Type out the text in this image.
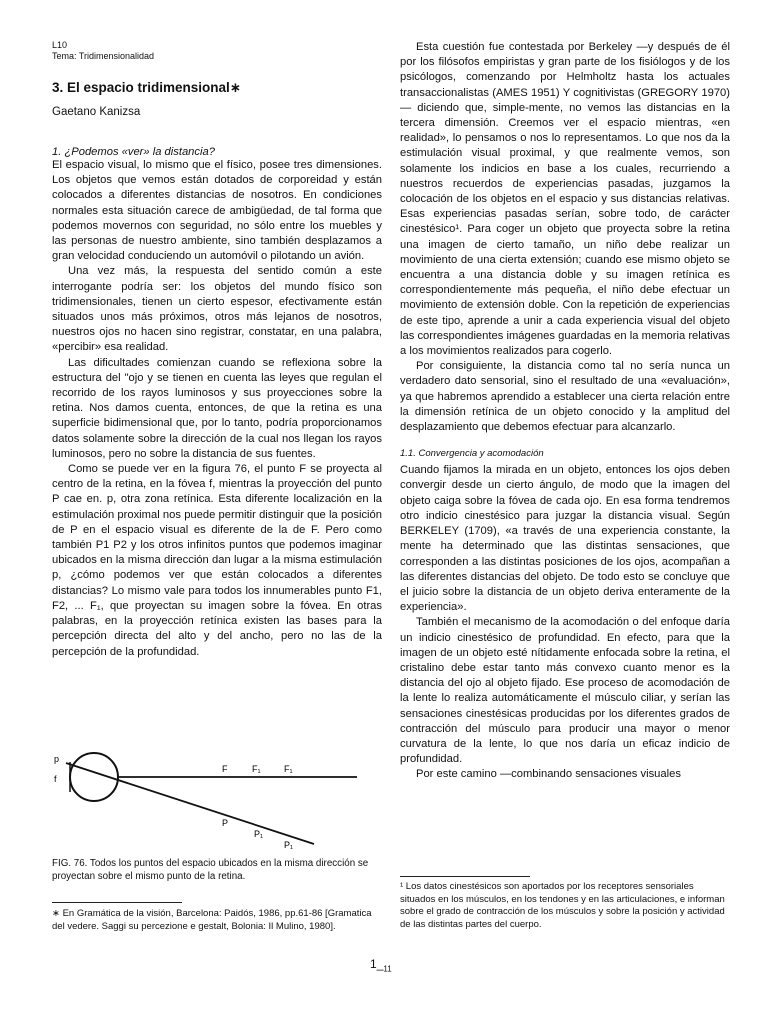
L10
Tema: Tridimensionalidad
3. El espacio tridimensional∗
Gaetano Kanizsa
1. ¿Podemos «ver» la distancia?

El espacio visual, lo mismo que el físico, posee tres dimensiones. Los objetos que vemos están dotados de corporeidad y están colocados a diferentes distancias de nosotros. En condiciones normales esta situación carece de ambigüedad, de tal forma que podemos movernos con seguridad, no sólo entre los muebles y las personas de nuestro ambiente, sino también desplazamos a gran velocidad conduciendo un automóvil o pilotando un avión.

Una vez más, la respuesta del sentido común a este interrogante podría ser: los objetos del mundo físico son tridimensionales, tienen un cierto espesor, efectivamente están situados unos más próximos, otros más lejanos de nosotros, nuestros ojos no hacen sino registrar, constatar, en una palabra, «percibir» esa realidad.

Las dificultades comienzan cuando se reflexiona sobre la estructura del "ojo y se tienen en cuenta las leyes que regulan el recorrido de los rayos luminosos y sus proyecciones sobre la retina. Nos damos cuenta, entonces, de que la retina es una superficie bidimensional que, por lo tanto, podría proporcionamos datos solamente sobre la dirección de la cual nos llegan los rayos luminosos, pero no sobre la distancia de sus fuentes.

Como se puede ver en la figura 76, el punto F se proyecta al centro de la retina, en la fóvea f, mientras la proyección del punto P cae en. p, otra zona retínica. Esta diferente localización en la estimulación proximal nos puede permitir distinguir que la posición de P en el espacio visual es diferente de la de F. Pero como también P1 P2 y los otros infinitos puntos que podemos imaginar ubicados en la misma dirección dan lugar a la misma estimulación p, ¿cómo podemos ver que están colocados a diferentes distancias? Lo mismo vale para todos los innumerables punto F1, F2, ... F₁, que proyectan su imagen sobre la fóvea. En otras palabras, en la proyección retínica existen las bases para la percepción directa del alto y del ancho, pero no las de la percepción de la profundidad.

p
f
F	F₁	F₁
P
P₁
P₁
FIG. 76. Todos los puntos del espacio ubicados en la misma dirección se proyectan sobre el mismo punto de la retina.
∗ En Gramática de la visión, Barcelona: Paidós, 1986, pp.61-86 [Gramatica del vedere. Saggi su percezione e gestalt, Bolonia: Il Mulino, 1980].

Esta cuestión fue contestada por Berkeley —y después de él por los filósofos empiristas y gran parte de los fisiólogos y de los psicólogos, comenzando por Helmholtz hasta los actuales transaccionalistas (AMES 1951) Y cognitivistas (GREGORY 1970)— diciendo que, simple-mente, no vemos las distancias en la tercera dimensión. Creemos ver el espacio mientras, «en realidad», lo pensamos o nos lo representamos. Lo que nos da la estimulación visual proximal, y que realmente vemos, son solamente los indicios en base a los cuales, recurriendo a nuestros recuerdos de experiencias pasadas, juzgamos la colocación de los objetos en el espacio y sus distancias relativas. Esas experiencias pasadas serían, sobre todo, de carácter cinestésico¹. Para coger un objeto que proyecta sobre la retina una imagen de cierto tamaño, un niño debe realizar un movimiento de una cierta extensión; cuando ese mismo objeto se encuentra a una distancia doble y su imagen retínica es correspondientemente más pequeña, el niño debe efectuar un movimiento de extensión doble. Con la repetición de experiencias de este tipo, aprende a unir a cada experiencia visual del objeto las correspondientes imágenes guardadas en la memoria relativas a los movimientos realizados para cogerlo.

Por consiguiente, la distancia como tal no sería nunca un verdadero dato sensorial, sino el resultado de una «evaluación», ya que habremos aprendido a establecer una cierta relación entre la dimensión retínica de un objeto conocido y la amplitud del desplazamiento que debemos efectuar para alcanzarlo.

1.1. Convergencia y acomodación

Cuando fijamos la mirada en un objeto, entonces los ojos deben convergir desde un cierto ángulo, de modo que la imagen del objeto caiga sobre la fóvea de cada ojo. En esa forma tendremos otro indicio cinestésico para juzgar la distancia visual. Según BERKELEY (1709), «a través de una experiencia constante, la mente ha determinado que las distintas sensaciones, que corresponden a las distintas posiciones de los ojos, acompañan a las diferentes distancias del objeto. De todo esto se concluye que el juicio sobre la distancia de un objeto deriva enteramente de la experiencia».

También el mecanismo de la acomodación o del enfoque daría un indicio cinestésico de profundidad. En efecto, para que la imagen de un objeto esté nítidamente enfocada sobre la retina, el cristalino debe estar tanto más convexo cuanto menor es la distancia del ojo al objeto fijado. Ese proceso de acomodación de la lente lo realiza automáticamente el músculo ciliar, y serían las sensaciones cinestésicas producidas por los diferentes grados de contracción del músculo para producir una mayor o menor curvatura de la lente, lo que nos daría un eficaz indicio de profundidad.

Por este camino —combinando sensaciones visuales

¹ Los datos cinestésicos son aportados por los receptores sensoriales situados en los músculos, en los tendones y en las articulaciones, e informan sobre el grado de contracción de los músculos y sobre la posición y actividad de las distintas partes del cuerpo.
$1\__{11}$
